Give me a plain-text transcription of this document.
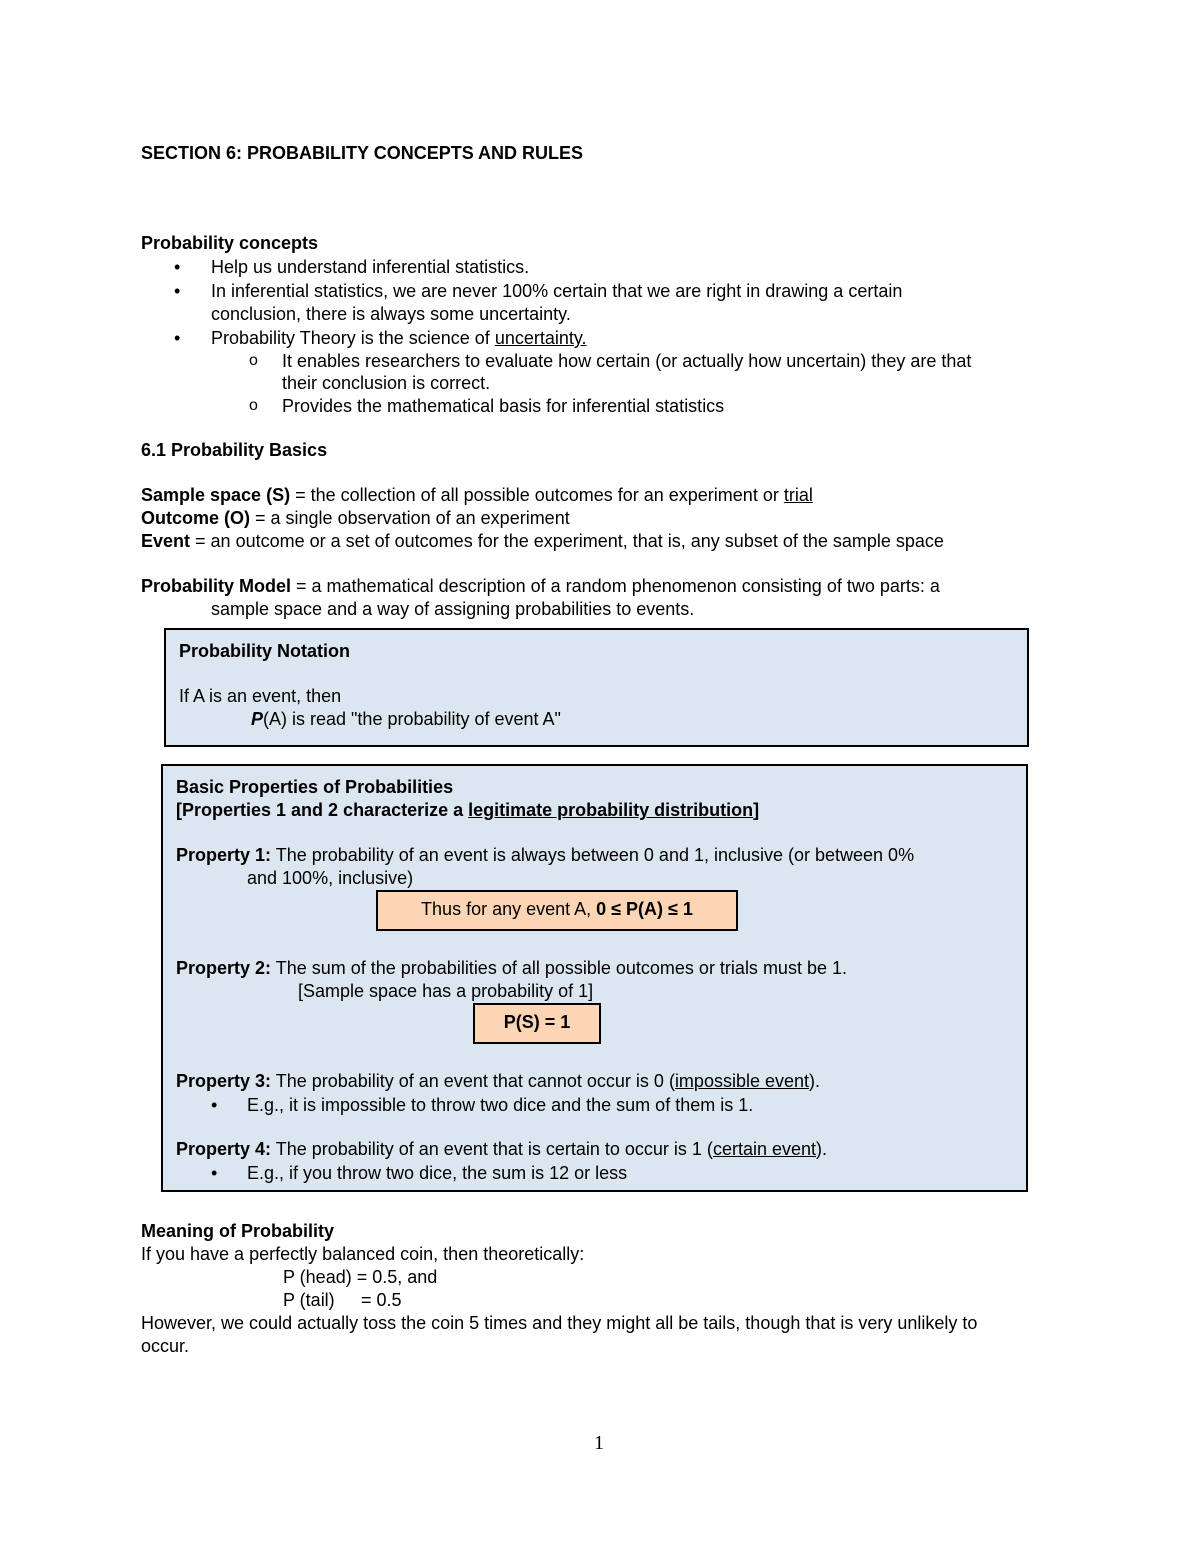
SECTION 6: PROBABILITY CONCEPTS AND RULES
Probability concepts
• Help us understand inferential statistics.
• In inferential statistics, we are never 100% certain that we are right in drawing a certain
conclusion, there is always some uncertainty.
• Probability Theory is the science of uncertainty.
o It enables researchers to evaluate how certain (or actually how uncertain) they are that
their conclusion is correct.
o Provides the mathematical basis for inferential statistics
6.1 Probability Basics
Sample space (S) = the collection of all possible outcomes for an experiment or trial
Outcome (O) = a single observation of an experiment
Event = an outcome or a set of outcomes for the experiment, that is, any subset of the sample space
Probability Model = a mathematical description of a random phenomenon consisting of two parts: a
sample space and a way of assigning probabilities to events.
Probability Notation
If A is an event, then
P(A) is read "the probability of event A"
Basic Properties of Probabilities
[Properties 1 and 2 characterize a legitimate probability distribution]
Property 1: The probability of an event is always between 0 and 1, inclusive (or between 0%
and 100%, inclusive)
Thus for any event A, 0 ≤ P(A) ≤ 1
Property 2: The sum of the probabilities of all possible outcomes or trials must be 1.
[Sample space has a probability of 1]
P(S) = 1
Property 3: The probability of an event that cannot occur is 0 (impossible event).
• E.g., it is impossible to throw two dice and the sum of them is 1.
Property 4: The probability of an event that is certain to occur is 1 (certain event).
• E.g., if you throw two dice, the sum is 12 or less
Meaning of Probability
If you have a perfectly balanced coin, then theoretically:
P (head) = 0.5, and
P (tail) = 0.5
However, we could actually toss the coin 5 times and they might all be tails, though that is very unlikely to
occur.
1
